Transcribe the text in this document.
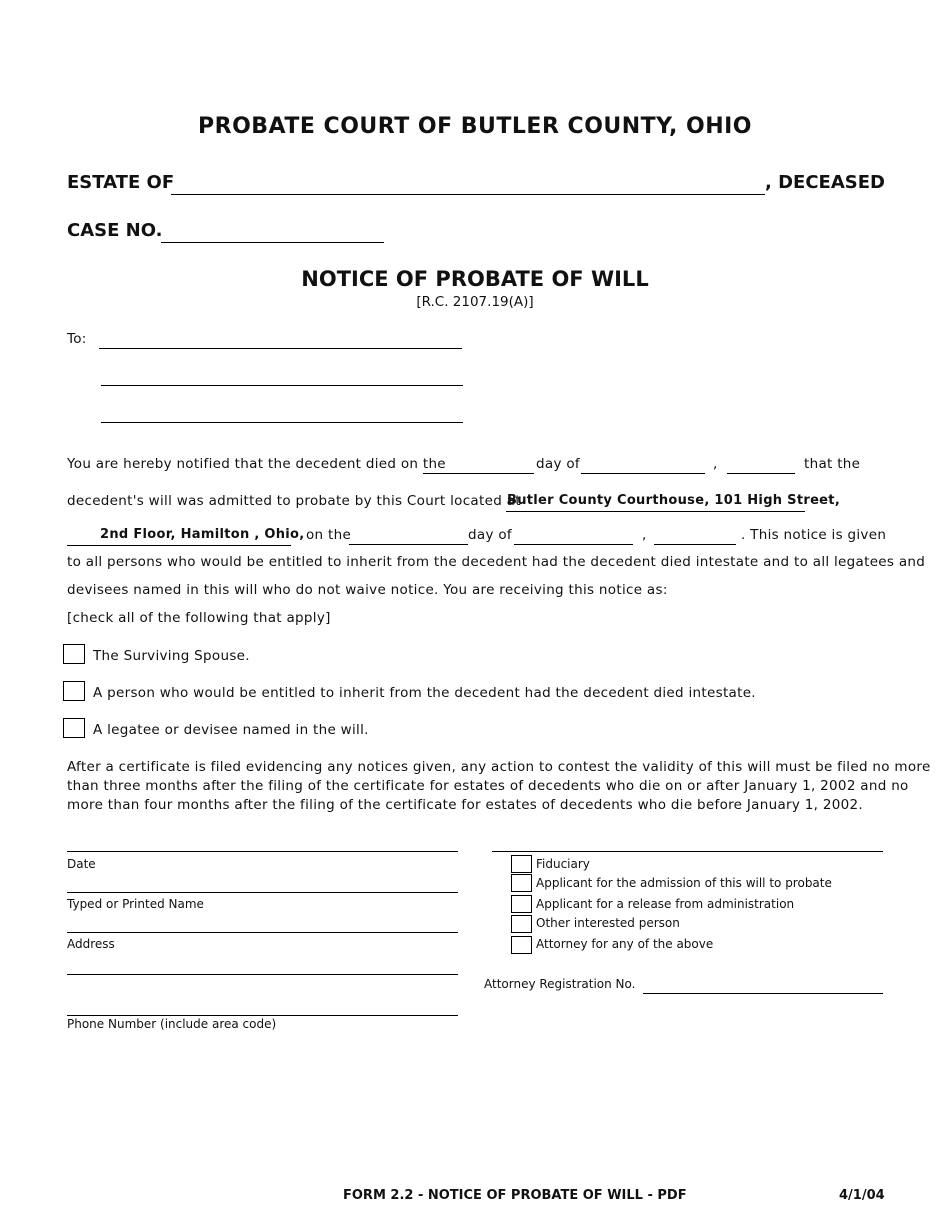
PROBATE COURT OF BUTLER COUNTY, OHIO
ESTATE OF	, DECEASED
CASE NO.
NOTICE OF PROBATE OF WILL
[R.C. 2107.19(A)]
To:
You are hereby notified that the decedent died on the	day of	,	that the
decedent's will was admitted to probate by this Court located at
Butler County Courthouse, 101 High Street,
2nd Floor, Hamilton , Ohio, on the	day of	,	. This notice is given
to all persons who would be entitled to inherit from the decedent had the decedent died intestate and to all legatees and
devisees named in this will who do not waive notice. You are receiving this notice as:
[check all of the following that apply]
The Surviving Spouse.
A person who would be entitled to inherit from the decedent had the decedent died intestate.
A legatee or devisee named in the will.
After a certificate is filed evidencing any notices given, any action to contest the validity of this will must be filed no more
than three months after the filing of the certificate for estates of decedents who die on or after January 1, 2002 and no
more than four months after the filing of the certificate for estates of decedents who die before January 1, 2002.
Date
Typed or Printed Name
Address
Phone Number (include area code)
Fiduciary
Applicant for the admission of this will to probate
Applicant for a release from administration
Other interested person
Attorney for any of the above
Attorney Registration No.
FORM 2.2 - NOTICE OF PROBATE OF WILL - PDF	4/1/04
